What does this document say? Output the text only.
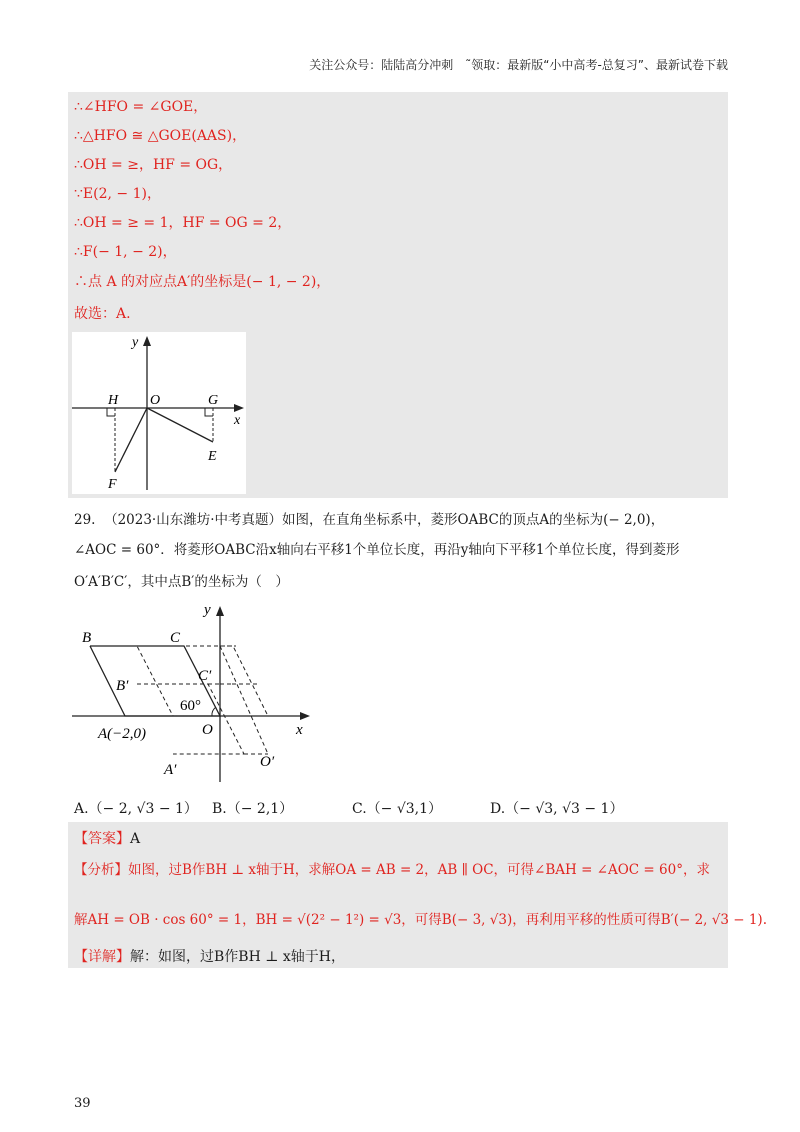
关注公众号：陆陆高分冲刺　˜领取：最新版“小中高考-总复习”、最新试卷下载
∴∠HFO = ∠GOE，
∴△HFO ≅ △GOE(AAS)，
∴OH = ≥，HF = OG，
∵E(2, − 1)，
∴OH = ≥ = 1，HF = OG = 2，
∴F(− 1, − 2)，
∴点 A 的对应点A′的坐标是(− 1, − 2)，
故选：A.
y
x
H O	G
E
F
29. （2023·山东潍坊·中考真题）如图，在直角坐标系中，菱形OABC的顶点A的坐标为(− 2,0)，
∠AOC = 60°．将菱形OABC沿x轴向右平移1个单位长度，再沿y轴向下平移1个单位长度，得到菱形
O′A′B′C′，其中点B′的坐标为（　）
y
x
B	C
C′
B′
60°
A(−2,0)	O
A′	O′
A.（− 2, √3 − 1） B.（− 2,1）	C.（− √3,1）	D.（− √3, √3 − 1）
【答案】A
【分析】如图，过B作BH ⊥ x轴于H，求解OA = AB = 2，AB ∥ OC，可得∠BAH = ∠AOC = 60°，求
解AH = OB · cos 60° = 1，BH = √(2² − 1²) = √3，可得B(− 3, √3)，再利用平移的性质可得B′(− 2, √3 − 1).
【详解】解：如图，过B作BH ⊥ x轴于H，
39
